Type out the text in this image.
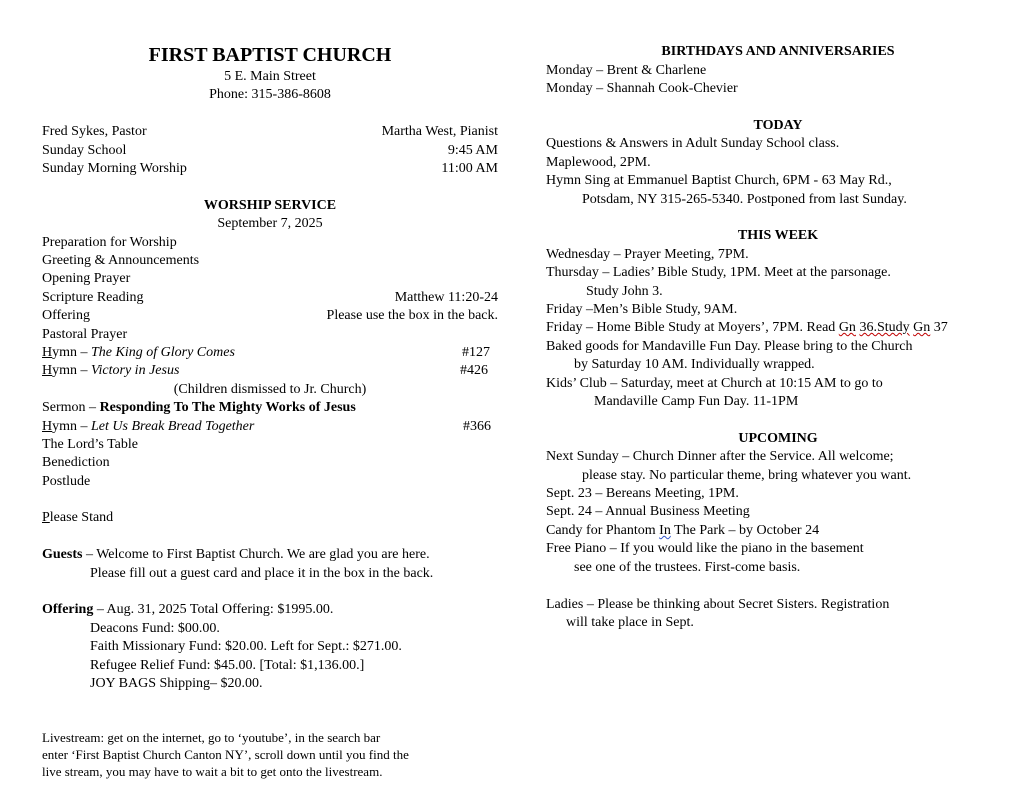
FIRST BAPTIST CHURCH
5 E. Main Street
Phone: 315-386-8608
Fred Sykes, Pastor	Martha West, Pianist
Sunday School	9:45 AM
Sunday Morning Worship	11:00 AM
WORSHIP SERVICE
September 7, 2025
Preparation for Worship
Greeting & Announcements
Opening Prayer
Scripture Reading	Matthew 11:20-24
Offering	Please use the box in the back.
Pastoral Prayer
Hymn – The King of Glory Comes	#127
Hymn – Victory in Jesus	#426
(Children dismissed to Jr. Church)
Sermon – Responding To The Mighty Works of Jesus
Hymn – Let Us Break Bread Together	#366
The Lord’s Table
Benediction
Postlude
Please Stand
Guests – Welcome to First Baptist Church. We are glad you are here.
Please fill out a guest card and place it in the box in the back.
Offering – Aug. 31, 2025 Total Offering: $1995.00.
Deacons Fund: $00.00.
Faith Missionary Fund: $20.00. Left for Sept.: $271.00.
Refugee Relief Fund: $45.00. [Total: $1,136.00.]
JOY BAGS Shipping– $20.00.
Livestream: get on the internet, go to ‘youtube’, in the search bar
enter ‘First Baptist Church Canton NY’, scroll down until you find the
live stream, you may have to wait a bit to get onto the livestream.
BIRTHDAYS AND ANNIVERSARIES
Monday – Brent & Charlene
Monday – Shannah Cook-Chevier
TODAY
Questions & Answers in Adult Sunday School class.
Maplewood, 2PM.
Hymn Sing at Emmanuel Baptist Church, 6PM - 63 May Rd.,
Potsdam, NY 315-265-5340. Postponed from last Sunday.
THIS WEEK
Wednesday – Prayer Meeting, 7PM.
Thursday – Ladies’ Bible Study, 1PM. Meet at the parsonage.
Study John 3.
Friday –Men’s Bible Study, 9AM.
Friday – Home Bible Study at Moyers’, 7PM. Read Gn 36.Study Gn 37
Baked goods for Mandaville Fun Day. Please bring to the Church
by Saturday 10 AM. Individually wrapped.
Kids’ Club – Saturday, meet at Church at 10:15 AM to go to
Mandaville Camp Fun Day. 11-1PM
UPCOMING
Next Sunday – Church Dinner after the Service. All welcome;
please stay. No particular theme, bring whatever you want.
Sept. 23 – Bereans Meeting, 1PM.
Sept. 24 – Annual Business Meeting
Candy for Phantom In The Park – by October 24
Free Piano – If you would like the piano in the basement
see one of the trustees. First-come basis.
Ladies – Please be thinking about Secret Sisters. Registration
will take place in Sept.
